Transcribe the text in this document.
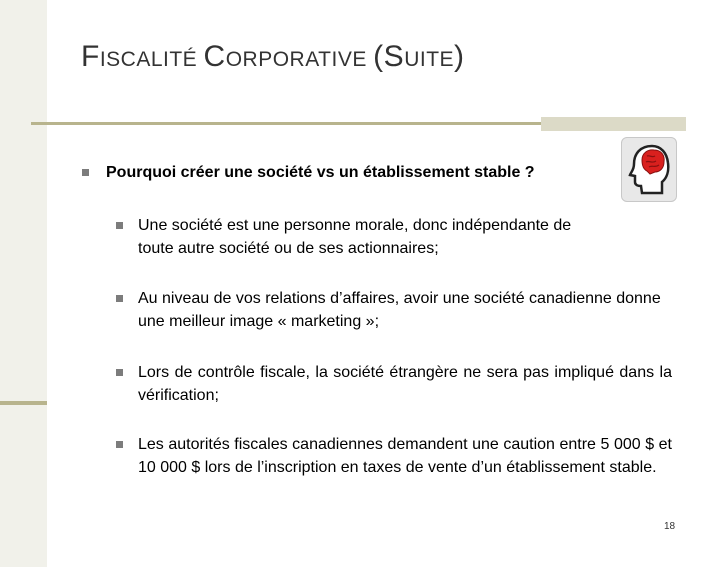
FISCALITÉ CORPORATIVE (SUITE)
Pourquoi créer une société vs un établissement stable ?
Une société est une personne morale, donc indépendante de toute autre société ou de ses actionnaires;
Au niveau de vos relations d’affaires, avoir une société canadienne donne une meilleur image « marketing »;
Lors de contrôle fiscale, la société étrangère ne sera pas impliqué dans la vérification;
Les autorités fiscales canadiennes demandent une caution entre 5 000 $ et 10 000 $ lors de l’inscription en taxes de vente d’un établissement stable.
18
